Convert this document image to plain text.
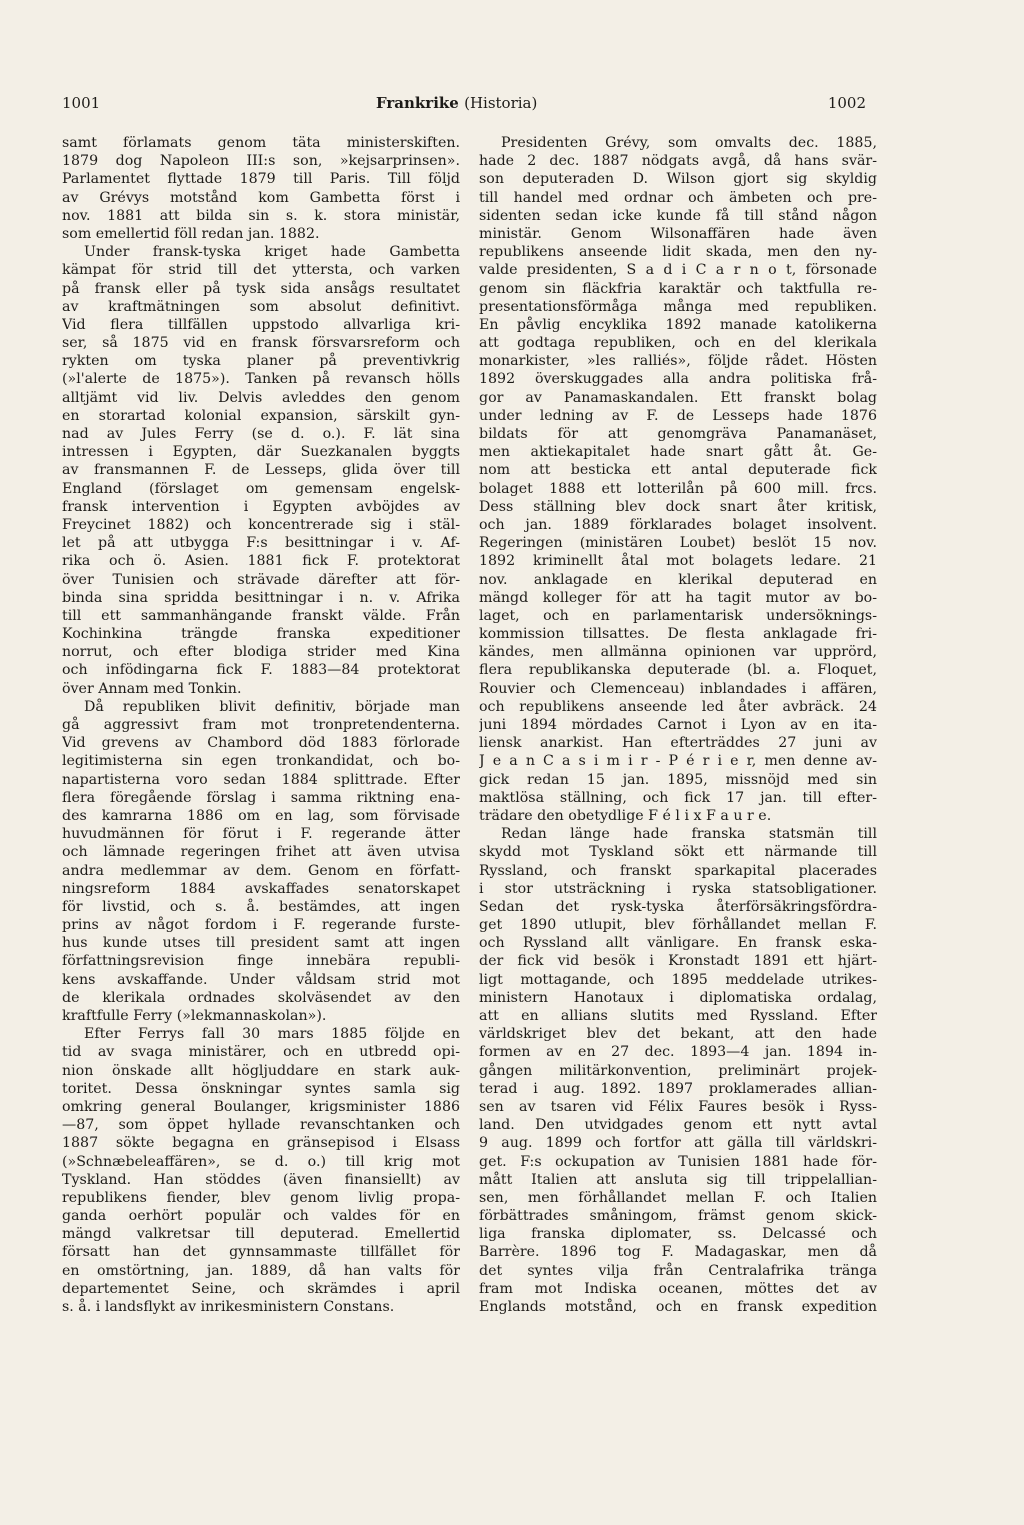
1001	Frankrike (Historia)	1002
samt förlamats genom täta ministerskiften.
1879 dog Napoleon III:s son, »kejsarprinsen».
Parlamentet flyttade 1879 till Paris. Till följd
av Grévys motstånd kom Gambetta först i
nov. 1881 att bilda sin s. k. stora ministär,
som emellertid föll redan jan. 1882.
Under fransk-tyska kriget hade Gambetta
kämpat för strid till det yttersta, och varken
på fransk eller på tysk sida ansågs resultatet
av kraftmätningen som absolut definitivt.
Vid flera tillfällen uppstodo allvarliga kri-
ser, så 1875 vid en fransk försvarsreform och
rykten om tyska planer på preventivkrig
(»l'alerte de 1875»). Tanken på revansch hölls
alltjämt vid liv. Delvis avleddes den genom
en storartad kolonial expansion, särskilt gyn-
nad av Jules Ferry (se d. o.). F. lät sina
intressen i Egypten, där Suezkanalen byggts
av fransmannen F. de Lesseps, glida över till
England (förslaget om gemensam engelsk-
fransk intervention i Egypten avböjdes av
Freycinet 1882) och koncentrerade sig i stäl-
let på att utbygga F:s besittningar i v. Af-
rika och ö. Asien. 1881 fick F. protektorat
över Tunisien och strävade därefter att för-
binda sina spridda besittningar i n. v. Afrika
till ett sammanhängande franskt välde. Från
Kochinkina trängde franska expeditioner
norrut, och efter blodiga strider med Kina
och infödingarna fick F. 1883—84 protektorat
över Annam med Tonkin.
Då republiken blivit definitiv, började man
gå aggressivt fram mot tronpretendenterna.
Vid grevens av Chambord död 1883 förlorade
legitimisterna sin egen tronkandidat, och bo-
napartisterna voro sedan 1884 splittrade. Efter
flera föregående förslag i samma riktning ena-
des kamrarna 1886 om en lag, som förvisade
huvudmännen för förut i F. regerande ätter
och lämnade regeringen frihet att även utvisa
andra medlemmar av dem. Genom en författ-
ningsreform 1884 avskaffades senatorskapet
för livstid, och s. å. bestämdes, att ingen
prins av något fordom i F. regerande furste-
hus kunde utses till president samt att ingen
författningsrevision finge innebära republi-
kens avskaffande. Under våldsam strid mot
de klerikala ordnades skolväsendet av den
kraftfulle Ferry (»lekmannaskolan»).
Efter Ferrys fall 30 mars 1885 följde en
tid av svaga ministärer, och en utbredd opi-
nion önskade allt högljuddare en stark auk-
toritet. Dessa önskningar syntes samla sig
omkring general Boulanger, krigsminister 1886
—87, som öppet hyllade revanschtanken och
1887 sökte begagna en gränsepisod i Elsass
(»Schnæbeleaffären», se d. o.) till krig mot
Tyskland. Han stöddes (även finansiellt) av
republikens fiender, blev genom livlig propa-
ganda oerhört populär och valdes för en
mängd valkretsar till deputerad. Emellertid
försatt han det gynnsammaste tillfället för
en omstörtning, jan. 1889, då han valts för
departementet Seine, och skrämdes i april
s. å. i landsflykt av inrikesministern Constans.
Presidenten Grévy, som omvalts dec. 1885,
hade 2 dec. 1887 nödgats avgå, då hans svär-
son deputeraden D. Wilson gjort sig skyldig
till handel med ordnar och ämbeten och pre-
sidenten sedan icke kunde få till stånd någon
ministär. Genom Wilsonaffären hade även
republikens anseende lidit skada, men den ny-
valde presidenten, S a d i C a r n o t, försonade
genom sin fläckfria karaktär och taktfulla re-
presentationsförmåga många med republiken.
En påvlig encyklika 1892 manade katolikerna
att godtaga republiken, och en del klerikala
monarkister, »les ralliés», följde rådet. Hösten
1892 överskuggades alla andra politiska frå-
gor av Panamaskandalen. Ett franskt bolag
under ledning av F. de Lesseps hade 1876
bildats för att genomgräva Panamanäset,
men aktiekapitalet hade snart gått åt. Ge-
nom att besticka ett antal deputerade fick
bolaget 1888 ett lotterilån på 600 mill. frcs.
Dess ställning blev dock snart åter kritisk,
och jan. 1889 förklarades bolaget insolvent.
Regeringen (ministären Loubet) beslöt 15 nov.
1892 kriminellt åtal mot bolagets ledare. 21
nov. anklagade en klerikal deputerad en
mängd kolleger för att ha tagit mutor av bo-
laget, och en parlamentarisk undersöknings-
kommission tillsattes. De flesta anklagade fri-
kändes, men allmänna opinionen var upprörd,
flera republikanska deputerade (bl. a. Floquet,
Rouvier och Clemenceau) inblandades i affären,
och republikens anseende led åter avbräck. 24
juni 1894 mördades Carnot i Lyon av en ita-
liensk anarkist. Han efterträddes 27 juni av
J e a n C a s i m i r - P é r i e r, men denne av-
gick redan 15 jan. 1895, missnöjd med sin
maktlösa ställning, och fick 17 jan. till efter-
trädare den obetydlige F é l i x F a u r e.
Redan länge hade franska statsmän till
skydd mot Tyskland sökt ett närmande till
Ryssland, och franskt sparkapital placerades
i stor utsträckning i ryska statsobligationer.
Sedan det rysk-tyska återförsäkringsfördra-
get 1890 utlupit, blev förhållandet mellan F.
och Ryssland allt vänligare. En fransk eska-
der fick vid besök i Kronstadt 1891 ett hjärt-
ligt mottagande, och 1895 meddelade utrikes-
ministern Hanotaux i diplomatiska ordalag,
att en allians slutits med Ryssland. Efter
världskriget blev det bekant, att den hade
formen av en 27 dec. 1893—4 jan. 1894 in-
gången militärkonvention, preliminärt projek-
terad i aug. 1892. 1897 proklamerades allian-
sen av tsaren vid Félix Faures besök i Ryss-
land. Den utvidgades genom ett nytt avtal
9 aug. 1899 och fortfor att gälla till världskri-
get. F:s ockupation av Tunisien 1881 hade för-
mått Italien att ansluta sig till trippelallian-
sen, men förhållandet mellan F. och Italien
förbättrades småningom, främst genom skick-
liga franska diplomater, ss. Delcassé och
Barrère. 1896 tog F. Madagaskar, men då
det syntes vilja från Centralafrika tränga
fram mot Indiska oceanen, möttes det av
Englands motstånd, och en fransk expedition
